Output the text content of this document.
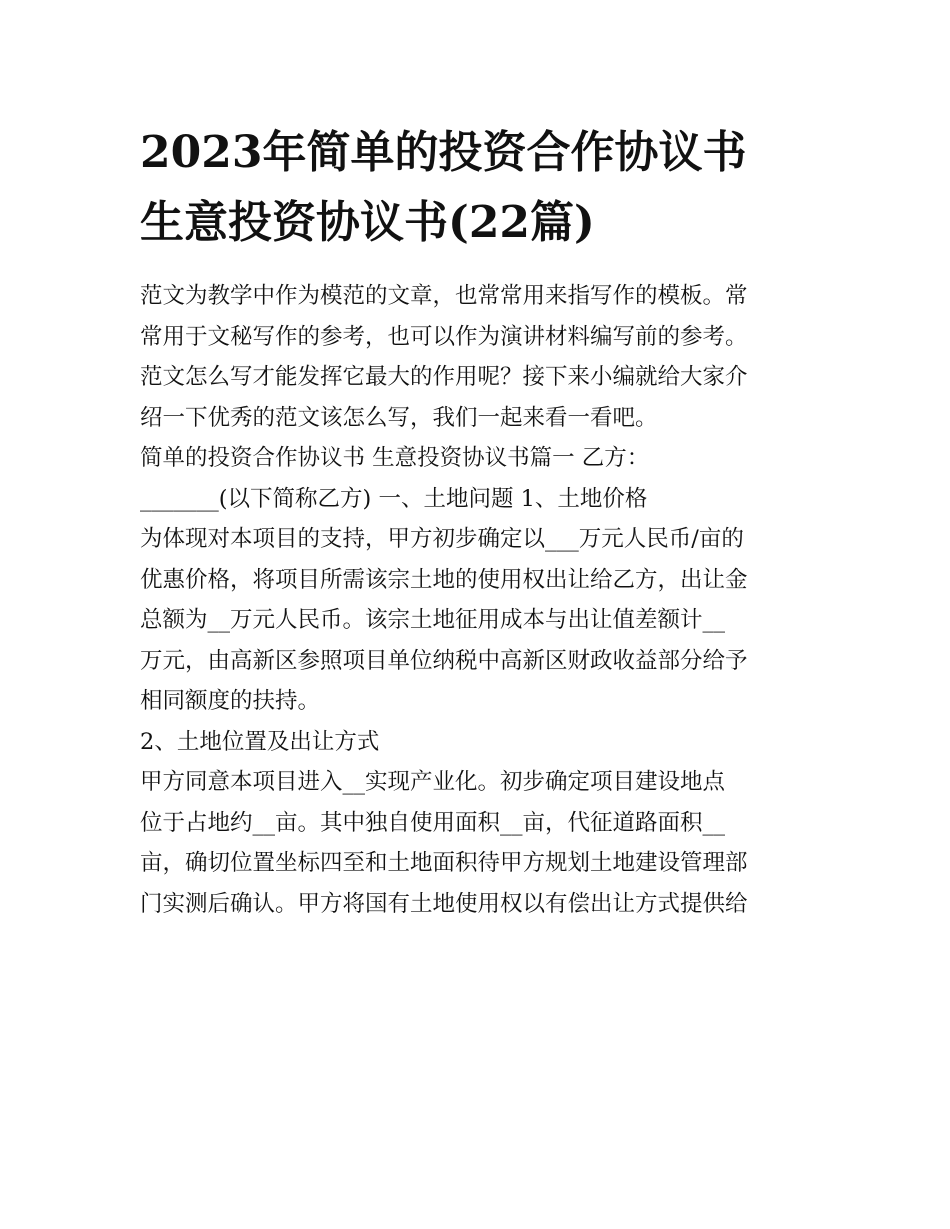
2023年简单的投资合作协议书
生意投资协议书(22篇)

范文为教学中作为模范的文章，也常常用来指写作的模板。常
常用于文秘写作的参考，也可以作为演讲材料编写前的参考。
范文怎么写才能发挥它最大的作用呢？接下来小编就给大家介
绍一下优秀的范文该怎么写，我们一起来看一看吧。

简单的投资合作协议书 生意投资协议书篇一 乙方：
_______(以下简称乙方) 一、土地问题 1、土地价格
为体现对本项目的支持，甲方初步确定以___万元人民币/亩的
优惠价格，将项目所需该宗土地的使用权出让给乙方，出让金
总额为__万元人民币。该宗土地征用成本与出让值差额计__
万元，由高新区参照项目单位纳税中高新区财政收益部分给予
相同额度的扶持。

2、土地位置及出让方式

甲方同意本项目进入__实现产业化。初步确定项目建设地点
位于占地约__亩。其中独自使用面积__亩，代征道路面积__
亩，确切位置坐标四至和土地面积待甲方规划土地建设管理部
门实测后确认。甲方将国有土地使用权以有偿出让方式提供给
